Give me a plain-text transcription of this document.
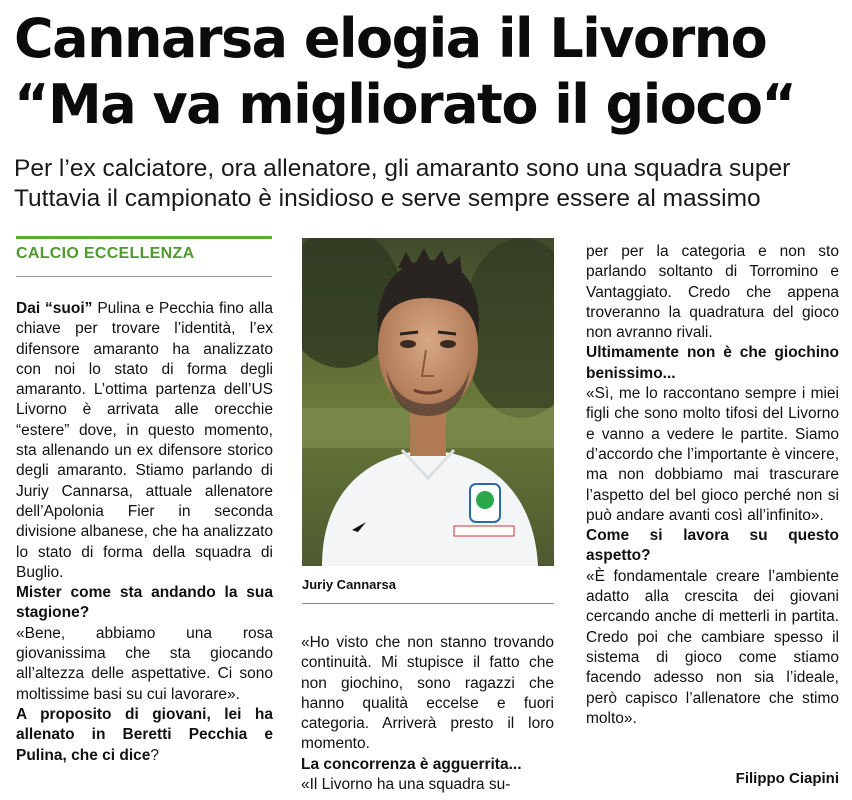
Cannarsa elogia il Livorno
“Ma va migliorato il gioco“
Per l’ex calciatore, ora allenatore, gli amaranto sono una squadra super
Tuttavia il campionato è insidioso e serve sempre essere al massimo
CALCIO ECCELLENZA

Dai “suoi” Pulina e Pecchia fino alla chiave per trovare l’identità, l’ex difensore amaranto ha analizzato con noi lo stato di forma degli amaranto. L’ottima partenza dell’US Livorno è arrivata alle orecchie “estere” dove, in questo momento, sta allenando un ex difensore storico degli amaranto. Stiamo parlando di Juriy Cannarsa, attuale allenatore dell’Apolonia Fier in seconda divisione albanese, che ha analizzato lo stato di forma della squadra di Buglio.

Mister come sta andando la sua stagione?

«Bene, abbiamo una rosa giovanissima che sta giocando all’altezza delle aspettative. Ci sono moltissime basi su cui lavorare».

A proposito di giovani, lei ha allenato in Beretti Pecchia e Pulina, che ci dice?

Juriy Cannarsa

«Ho visto che non stanno trovando continuità. Mi stupisce il fatto che non giochino, sono ragazzi che hanno qualità eccelse e fuori categoria. Arriverà presto il loro momento.

La concorrenza è agguerrita...

«Il Livorno ha una squadra su-

per per la categoria e non sto parlando soltanto di Torromino e Vantaggiato. Credo che appena troveranno la quadratura del gioco non avranno rivali.

Ultimamente non è che giochino benissimo...

«Sì, me lo raccontano sempre i miei figli che sono molto tifosi del Livorno e vanno a vedere le partite. Siamo d’accordo che l’importante è vincere, ma non dobbiamo mai trascurare l’aspetto del bel gioco perché non si può andare avanti così all’infinito».

Come si lavora su questo aspetto?

«È fondamentale creare l’ambiente adatto alla crescita dei giovani cercando anche di metterli in partita. Credo poi che cambiare spesso il sistema di gioco come stiamo facendo adesso non sia l’ideale, però capisco l’allenatore che stimo molto».

Filippo Ciapini
